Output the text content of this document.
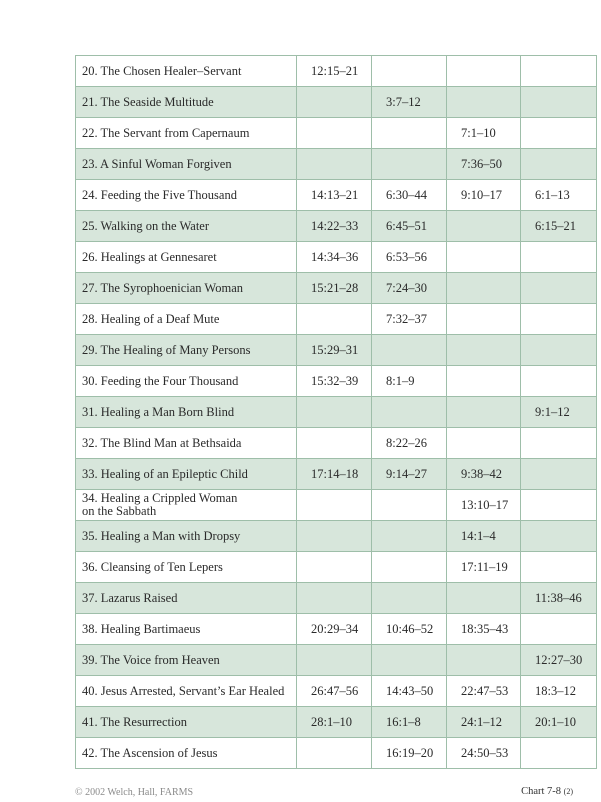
20. The Chosen Healer–Servant	12:15–21			
21. The Seaside Multitude		3:7–12		
22. The Servant from Capernaum			7:1–10	
23. A Sinful Woman Forgiven			7:36–50	
24. Feeding the Five Thousand	14:13–21	6:30–44	9:10–17	6:1–13
25. Walking on the Water	14:22–33	6:45–51		6:15–21
26. Healings at Gennesaret	14:34–36	6:53–56		
27. The Syrophoenician Woman	15:21–28	7:24–30		
28. Healing of a Deaf Mute		7:32–37		
29. The Healing of Many Persons	15:29–31			
30. Feeding the Four Thousand	15:32–39	8:1–9		
31. Healing a Man Born Blind				9:1–12
32. The Blind Man at Bethsaida		8:22–26		
33. Healing of an Epileptic Child	17:14–18	9:14–27	9:38–42	
34. Healing a Crippled Woman
on the Sabbath			13:10–17	
35. Healing a Man with Dropsy			14:1–4	
36. Cleansing of Ten Lepers			17:11–19	
37. Lazarus Raised				11:38–46
38. Healing Bartimaeus	20:29–34	10:46–52	18:35–43	
39. The Voice from Heaven				12:27–30
40. Jesus Arrested, Servant’s Ear Healed	26:47–56	14:43–50	22:47–53	18:3–12
41. The Resurrection	28:1–10	16:1–8	24:1–12	20:1–10
42. The Ascension of Jesus		16:19–20	24:50–53	
© 2002 Welch, Hall, FARMS	Chart 7-8 (2)
